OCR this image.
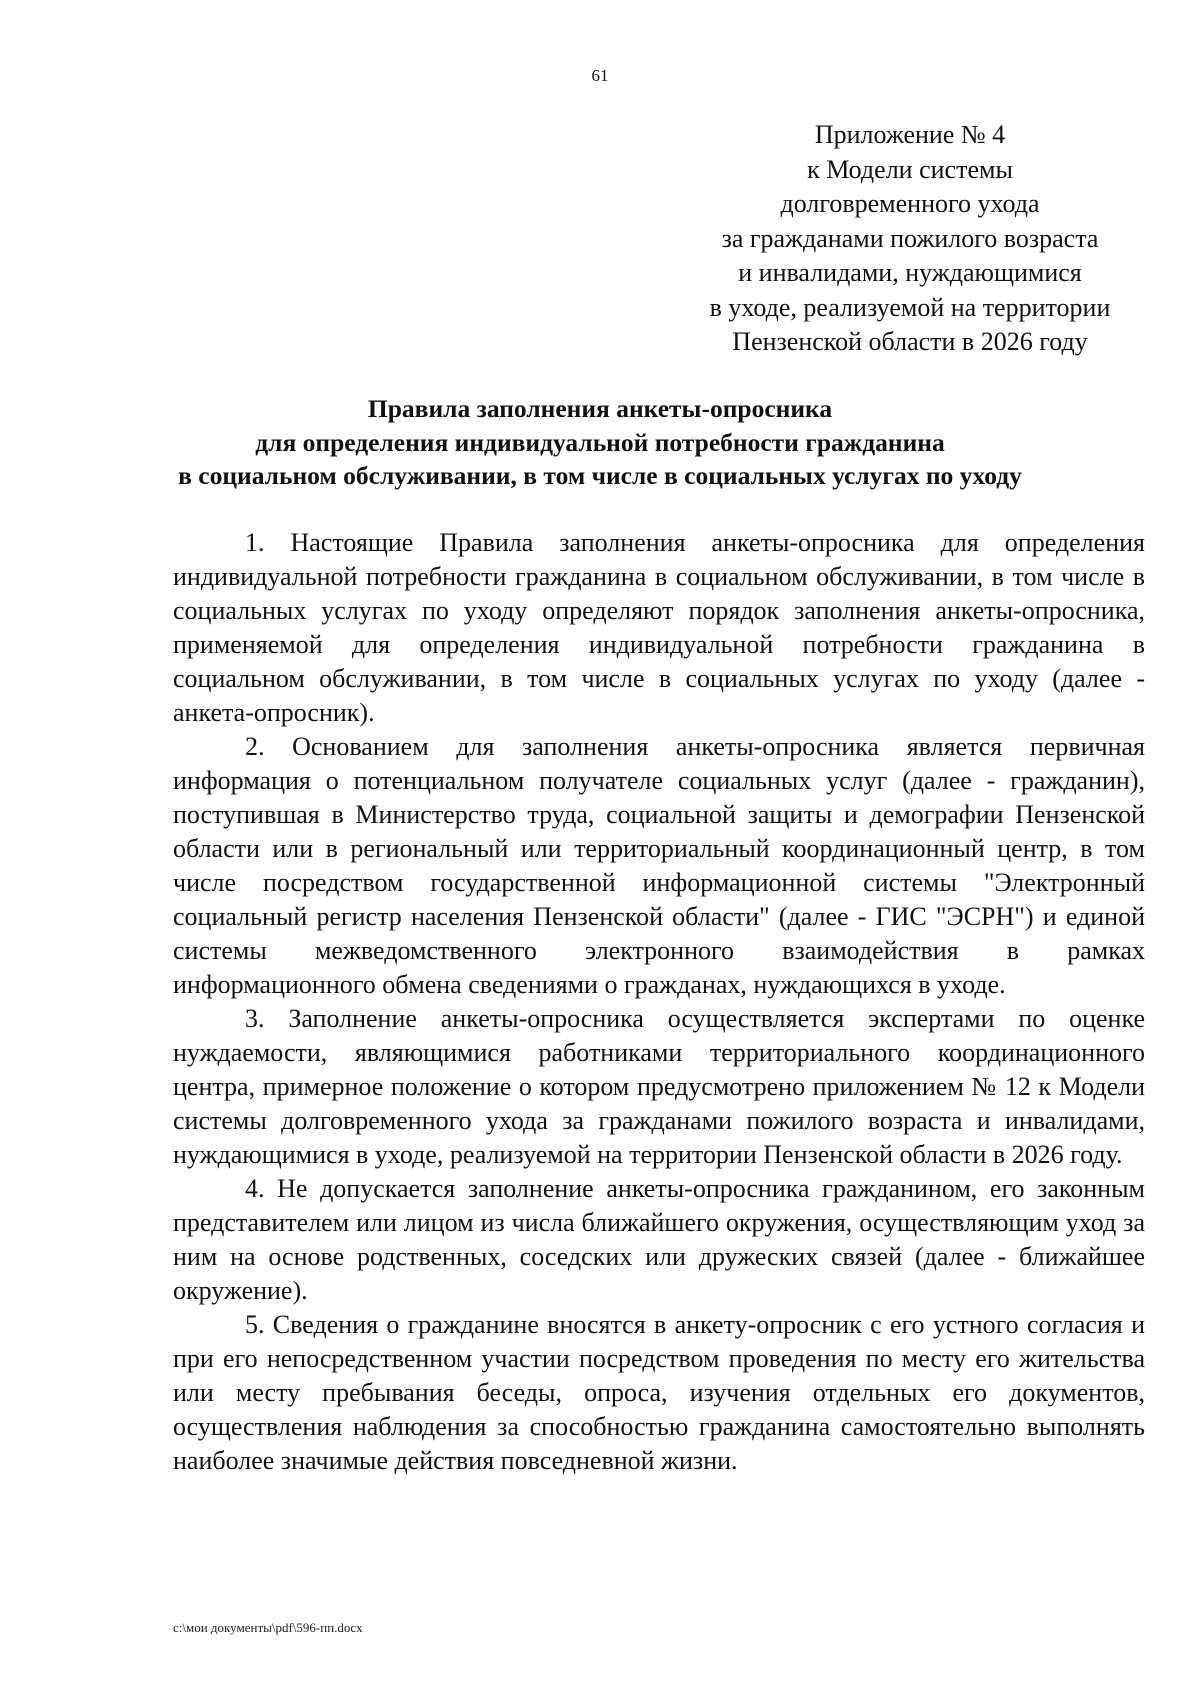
61
Приложение № 4
к Модели системы
долговременного ухода
за гражданами пожилого возраста
и инвалидами, нуждающимися
в уходе, реализуемой на территории
Пензенской области в 2026 году
Правила заполнения анкеты-опросника
для определения индивидуальной потребности гражданина
в социальном обслуживании, в том числе в социальных услугах по уходу

1. Настоящие Правила заполнения анкеты-опросника для определения индивидуальной потребности гражданина в социальном обслуживании, в том числе в социальных услугах по уходу определяют порядок заполнения анкеты-опросника, применяемой для определения индивидуальной потребности гражданина в социальном обслуживании, в том числе в социальных услугах по уходу (далее - анкета-опросник).

2. Основанием для заполнения анкеты-опросника является первичная информация о потенциальном получателе социальных услуг (далее - гражданин), поступившая в Министерство труда, социальной защиты и демографии Пензенской области или в региональный или территориальный координационный центр, в том числе посредством государственной информационной системы "Электронный социальный регистр населения Пензенской области" (далее - ГИС "ЭСРН") и единой системы межведомственного электронного взаимодействия в рамках информационного обмена сведениями о гражданах, нуждающихся в уходе.

3. Заполнение анкеты-опросника осуществляется экспертами по оценке нуждаемости, являющимися работниками территориального координационного центра, примерное положение о котором предусмотрено приложением № 12 к Модели системы долговременного ухода за гражданами пожилого возраста и инвалидами, нуждающимися в уходе, реализуемой на территории Пензенской области в 2026 году.

4. Не допускается заполнение анкеты-опросника гражданином, его законным представителем или лицом из числа ближайшего окружения, осуществляющим уход за ним на основе родственных, соседских или дружеских связей (далее - ближайшее окружение).

5. Сведения о гражданине вносятся в анкету-опросник с его устного согласия и при его непосредственном участии посредством проведения по месту его жительства или месту пребывания беседы, опроса, изучения отдельных его документов, осуществления наблюдения за способностью гражданина самостоятельно выполнять наиболее значимые действия повседневной жизни.

c:\мои документы\pdf\596-пп.docx
